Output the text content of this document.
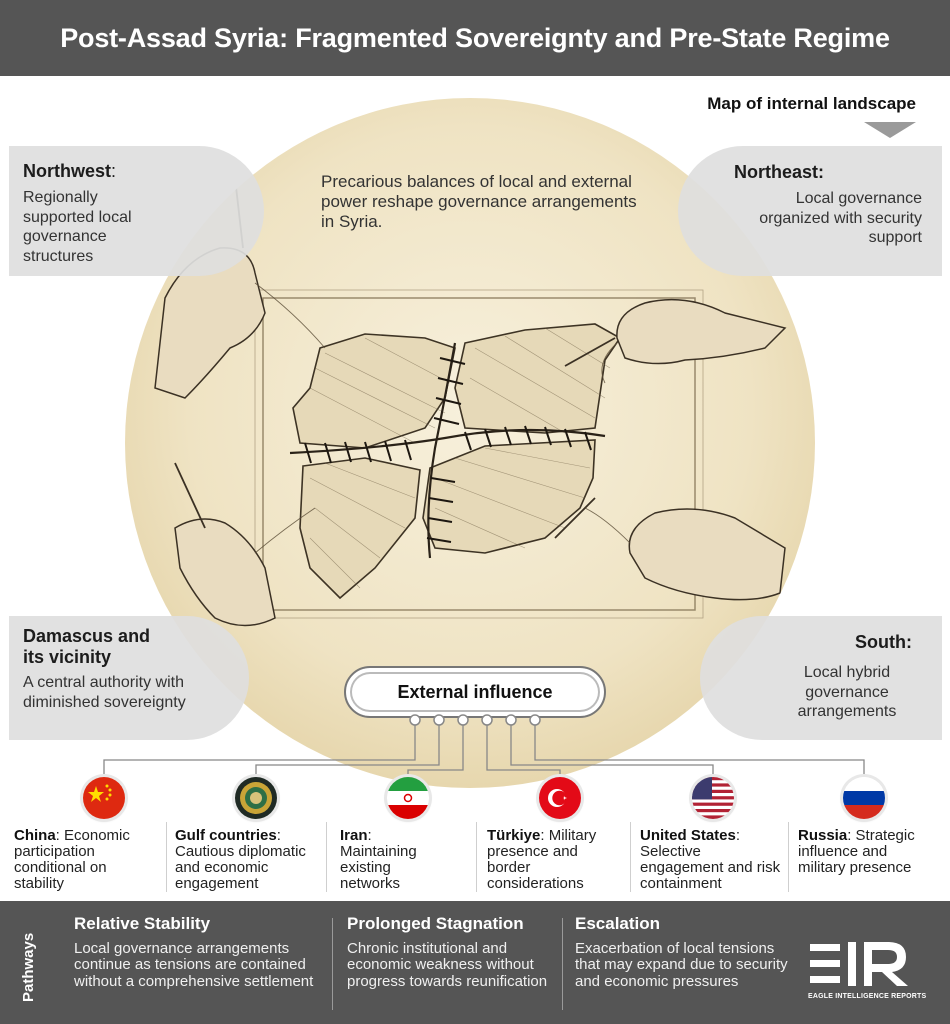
Post-Assad Syria: Fragmented Sovereignty and Pre-State Regime
Map of internal landscape
Precarious balances of local and external power reshape governance arrangements in Syria.
Northwest:
Regionally supported local governance structures
Northeast:
Local governance organized with security support
Damascus and its vicinity
A central authority with diminished sovereignty
South:
Local hybrid governance arrangements
External influence
China: Economic participation conditional on stability
Gulf countries: Cautious diplomatic and economic engagement
Iran: Maintaining existing networks
Türkiye: Military presence and border considerations
United States: Selective engagement and risk containment
Russia: Strategic influence and military presence
Pathways
Relative Stability
Local governance arrangements continue as tensions are contained without a comprehensive settlement
Prolonged Stagnation
Chronic institutional and economic weakness without progress towards reunification
Escalation
Exacerbation of local tensions that may expand due to security and economic pressures
EAGLE INTELLIGENCE REPORTS
